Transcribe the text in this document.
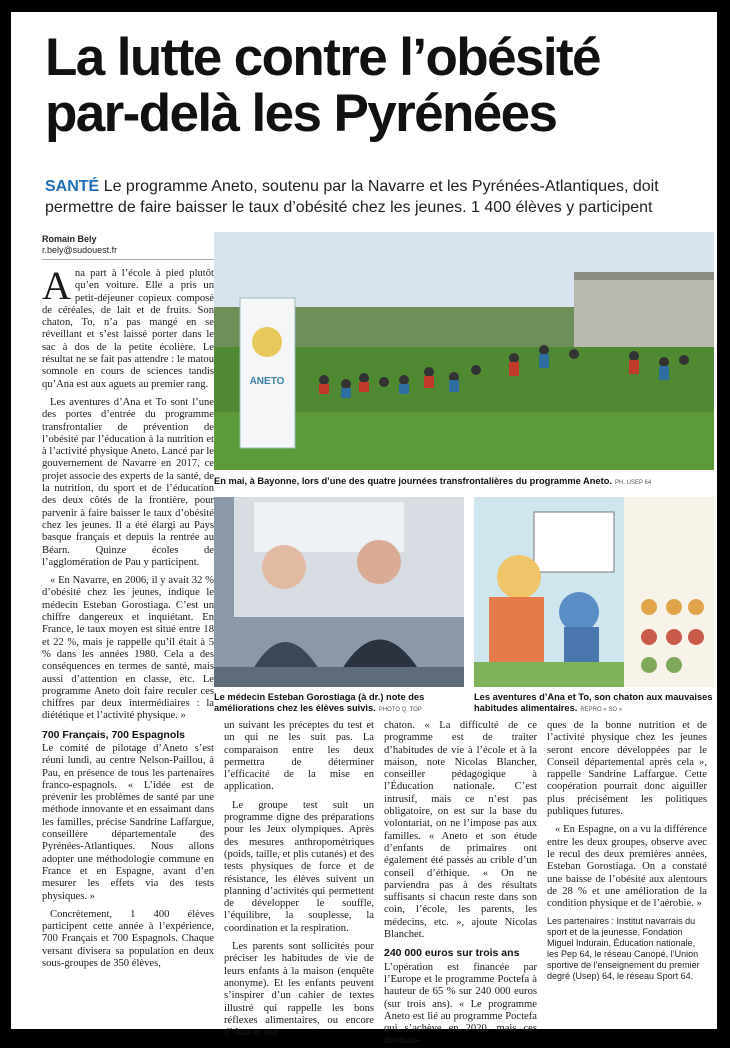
La lutte contre l’obésité par-delà les Pyrénées
SANTÉ Le programme Aneto, soutenu par la Navarre et les Pyrénées-Atlantiques, doit permettre de faire baisser le taux d’obésité chez les jeunes. 1 400 élèves y participent
Romain Bely
r.bely@sudouest.fr

Ana part à l’école à pied plutôt qu’en voiture. Elle a pris un petit-déjeuner copieux composé de céréales, de lait et de fruits. Son chaton, To, n’a pas mangé en se réveillant et s’est laissé porter dans le sac à dos de la petite écolière. Le résultat ne se fait pas attendre : le matou somnole en cours de sciences tandis qu’Ana est aux aguets au premier rang.

Les aventures d’Ana et To sont l’une des portes d’entrée du programme transfrontalier de prévention de l’obésité par l’éducation à la nutrition et à l’activité physique Aneto. Lancé par le gouvernement de Navarre en 2017, ce projet associe des experts de la santé, de la nutrition, du sport et de l’éducation des deux côtés de la frontière, pour parvenir à faire baisser le taux d’obésité chez les jeunes. Il a été élargi au Pays basque français et depuis la rentrée au Béarn. Quinze écoles de l’agglomération de Pau y participent.

« En Navarre, en 2006, il y avait 32 % d’obésité chez les jeunes, indique le médecin Esteban Gorostiaga. C’est un chiffre dangereux et inquiétant. En France, le taux moyen est situé entre 18 et 22 %, mais je rappelle qu’il était à 5 % dans les années 1980. Cela a des conséquences en termes de santé, mais aussi d’attention en classe, etc. Le programme Aneto doit faire reculer ces chiffres par deux intermédiaires : la diététique et l’activité physique. »

700 Français, 700 Espagnols

Le comité de pilotage d’Aneto s’est réuni lundi, au centre Nelson-Paillou, à Pau, en présence de tous les partenaires franco-espagnols. « L’idée est de prévenir les problèmes de santé par une méthode innovante et en essaimant dans les familles, précise Sandrine Laffargue, conseillère départementale des Pyrénées-Atlantiques. Nous allons adopter une méthodologie commune en France et en Espagne, avant d’en mesurer les effets via des tests physiques. »

Concrètement, 1 400 élèves participent cette année à l’expérience, 700 Français et 700 Espagnols. Chaque versant divisera sa population en deux sous-groupes de 350 élèves,

ANETO
En mai, à Bayonne, lors d’une des quatre journées transfrontalières du programme Aneto. PH. USEP 64
Le médecin Esteban Gorostiaga (à dr.) note des améliorations chez les élèves suivis. PHOTO Q. TOP
Les aventures d’Ana et To, son chaton aux mauvaises habitudes alimentaires. REPRO « SO »

un suivant les préceptes du test et un qui ne les suit pas. La comparaison entre les deux permettra de déterminer l’efficacité de la mise en application.

Le groupe test suit un programme digne des préparations pour les Jeux olympiques. Après des mesures anthropométriques (poids, taille, et plis cutanés) et des tests physiques de force et de résistance, les élèves suivent un planning d’activités qui permettent de développer le souffle, l’équilibre, la souplesse, la coordination et la respiration.

Les parents sont sollicités pour préciser les habitudes de vie de leurs enfants à la maison (enquête anonyme). Et les enfants peuvent s’inspirer d’un cahier de textes illustré qui rappelle les bons réflexes alimentaires, ou encore d’Ana et son

chaton. « La difficulté de ce programme est de traiter d’habitudes de vie à l’école et à la maison, note Nicolas Blancher, conseiller pédagogique à l’Éducation nationale. C’est intrusif, mais ce n’est pas obligatoire, on est sur la base du volontariat, on ne l’impose pas aux familles. « Aneto et son étude d’enfants de primaires ont également été passés au crible d’un conseil d’éthique. « On ne parviendra pas à des résultats suffisants si chacun reste dans son coin, l’école, les parents, les médecins, etc. », ajoute Nicolas Blanchet.

240 000 euros sur trois ans

L’opération est financée par l’Europe et le programme Poctefa à hauteur de 65 % sur 240 000 euros (sur trois ans). « Le programme Aneto est lié au programme Poctefa qui s’achève en 2020, mais ces thémati-

ques de la bonne nutrition et de l’activité physique chez les jeunes seront encore développées par le Conseil départemental après cela », rappelle Sandrine Laffargue. Cette coopération pourrait donc aiguiller plus précisément les politiques publiques futures.

« En Espagne, on a vu la différence entre les deux groupes, observe avec le recul des deux premières années, Esteban Gorostiaga. On a constaté une baisse de l’obésité aux alentours de 28 % et une amélioration de la condition physique et de l’aérobie. »

Les partenaires : Institut navarrais du sport et de la jeunesse, Fondation Miguel Indurain, Éducation nationale, les Pep 64, le réseau Canopé, l’Union sportive de l’enseignement du premier degré (Usep) 64, le réseau Sport 64.
